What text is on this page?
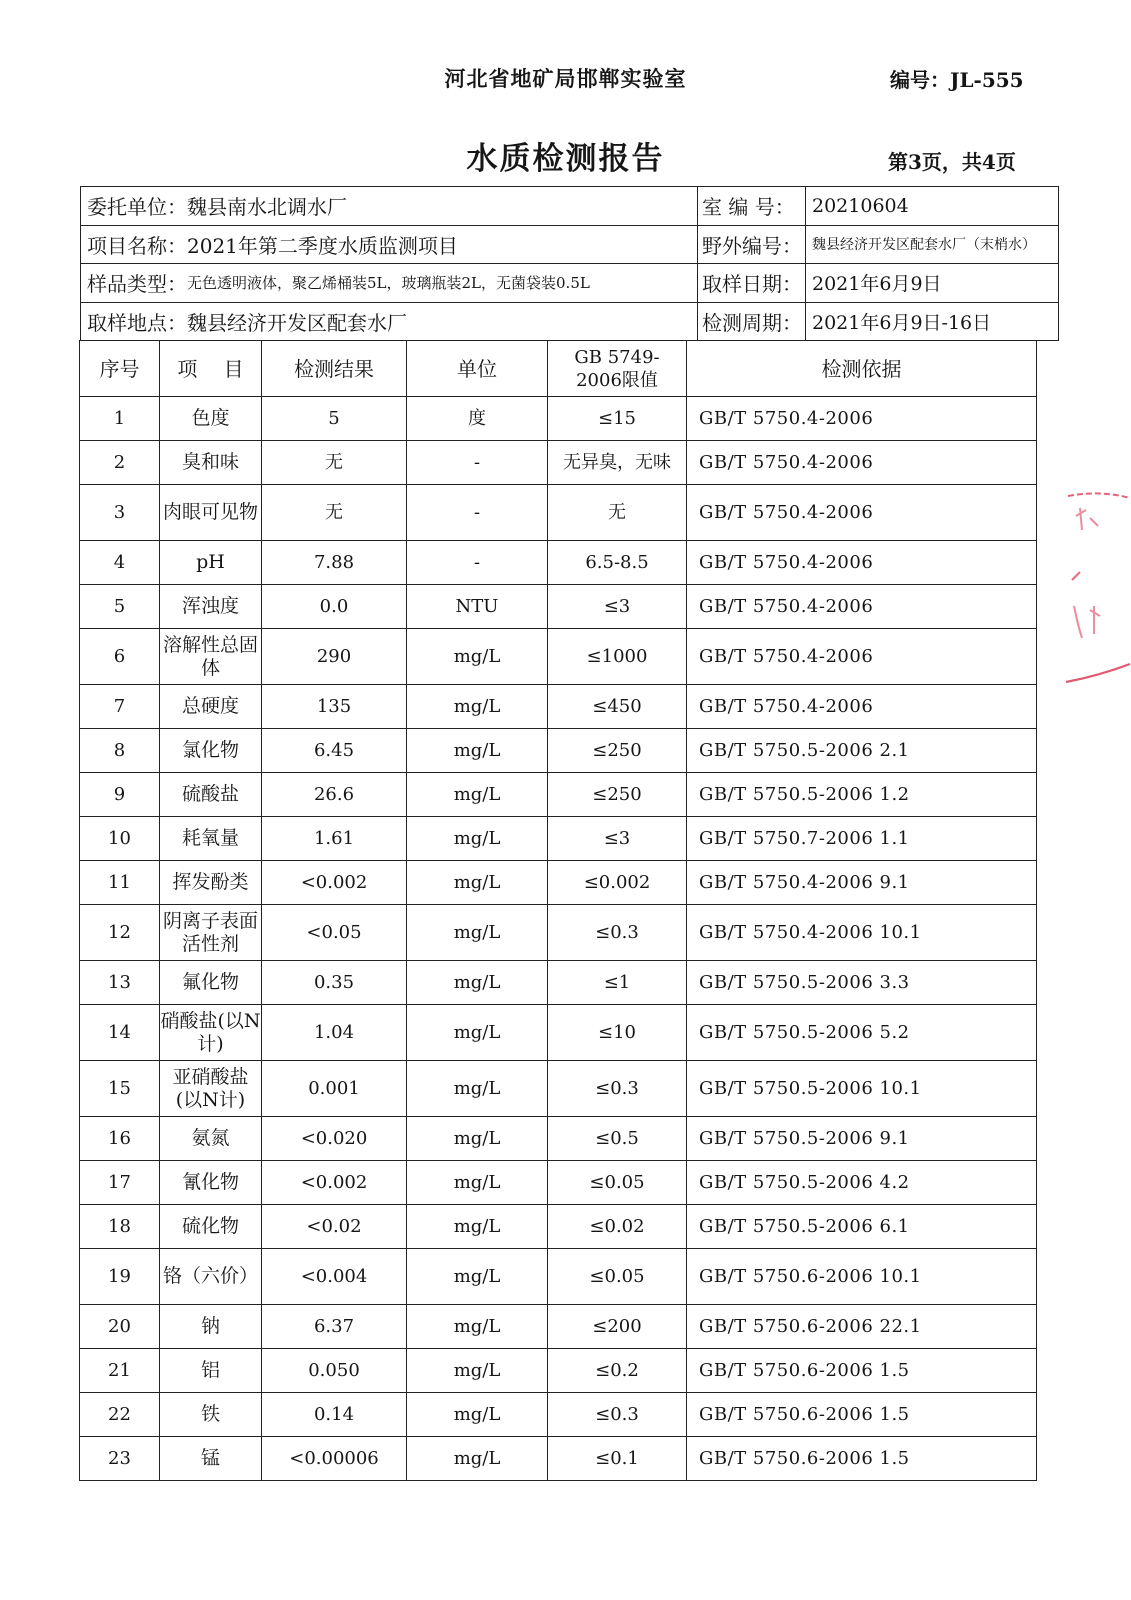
河北省地矿局邯郸实验室	编号：JL-555
水质检测报告	第3页，共4页
委托单位： 魏县南水北调水厂	室 编 号： 20210604
项目名称： 2021年第二季度水质监测项目	野外编号： 魏县经济开发区配套水厂（末梢水）
样品类型： 无色透明液体，聚乙烯桶装5L，玻璃瓶装2L，无菌袋装0.5L	取样日期： 2021年6月9日
取样地点： 魏县经济开发区配套水厂	检测周期： 2021年6月9日-16日
序号	项　 目	检测结果	单位	GB 5749-2006限值	检测依据
1	色度	5	度	≤15	GB/T 5750.4-2006
2	臭和味	无	-	无异臭，无味	GB/T 5750.4-2006
3	肉眼可见物	无	-	无	GB/T 5750.4-2006
4	pH	7.88	-	6.5-8.5	GB/T 5750.4-2006
5	浑浊度	0.0	NTU	≤3	GB/T 5750.4-2006
6	溶解性总固体	290	mg/L	≤1000	GB/T 5750.4-2006
7	总硬度	135	mg/L	≤450	GB/T 5750.4-2006
8	氯化物	6.45	mg/L	≤250	GB/T 5750.5-2006 2.1
9	硫酸盐	26.6	mg/L	≤250	GB/T 5750.5-2006 1.2
10	耗氧量	1.61	mg/L	≤3	GB/T 5750.7-2006 1.1
11	挥发酚类	<0.002	mg/L	≤0.002	GB/T 5750.4-2006 9.1
12	阴离子表面活性剂	<0.05	mg/L	≤0.3	GB/T 5750.4-2006 10.1
13	氟化物	0.35	mg/L	≤1	GB/T 5750.5-2006 3.3
14	硝酸盐(以N计)	1.04	mg/L	≤10	GB/T 5750.5-2006 5.2
15	亚硝酸盐(以N计)	0.001	mg/L	≤0.3	GB/T 5750.5-2006 10.1
16	氨氮	<0.020	mg/L	≤0.5	GB/T 5750.5-2006 9.1
17	氰化物	<0.002	mg/L	≤0.05	GB/T 5750.5-2006 4.2
18	硫化物	<0.02	mg/L	≤0.02	GB/T 5750.5-2006 6.1
19	铬（六价）	<0.004	mg/L	≤0.05	GB/T 5750.6-2006 10.1
20	钠	6.37	mg/L	≤200	GB/T 5750.6-2006 22.1
21	铝	0.050	mg/L	≤0.2	GB/T 5750.6-2006 1.5
22	铁	0.14	mg/L	≤0.3	GB/T 5750.6-2006 1.5
23	锰	<0.00006	mg/L	≤0.1	GB/T 5750.6-2006 1.5
